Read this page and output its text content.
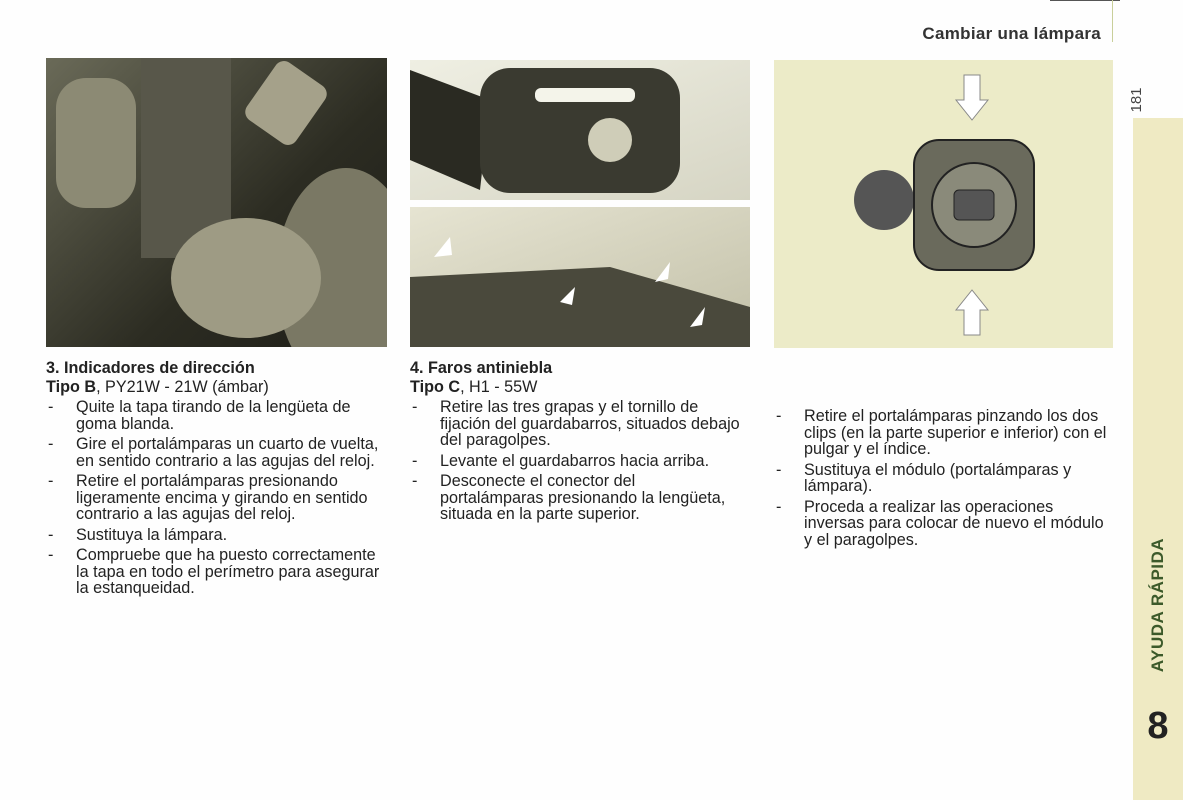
Cambiar una lámpara
181
AYUDA RÁPIDA
8
3. Indicadores de dirección
Tipo B, PY21W - 21W (ámbar)
- Quite la tapa tirando de la lengüeta de goma blanda.
- Gire el portalámparas un cuarto de vuelta, en sentido contrario a las agujas del reloj.
- Retire el portalámparas presionando ligeramente encima y girando en sentido contrario a las agujas del reloj.
- Sustituya la lámpara.
- Compruebe que ha puesto correctamente la tapa en todo el perímetro para asegurar la estanqueidad.
4. Faros antiniebla
Tipo C, H1 - 55W
- Retire las tres grapas y el tornillo de fijación del guardabarros, situados debajo del paragolpes.
- Levante el guardabarros hacia arriba.
- Desconecte el conector del portalámparas presionando la lengüeta, situada en la parte superior.
- Retire el portalámparas pinzando los dos clips (en la parte superior e inferior) con el pulgar y el índice.
- Sustituya el módulo (portalámparas y lámpara).
- Proceda a realizar las operaciones inversas para colocar de nuevo el módulo y el paragolpes.
